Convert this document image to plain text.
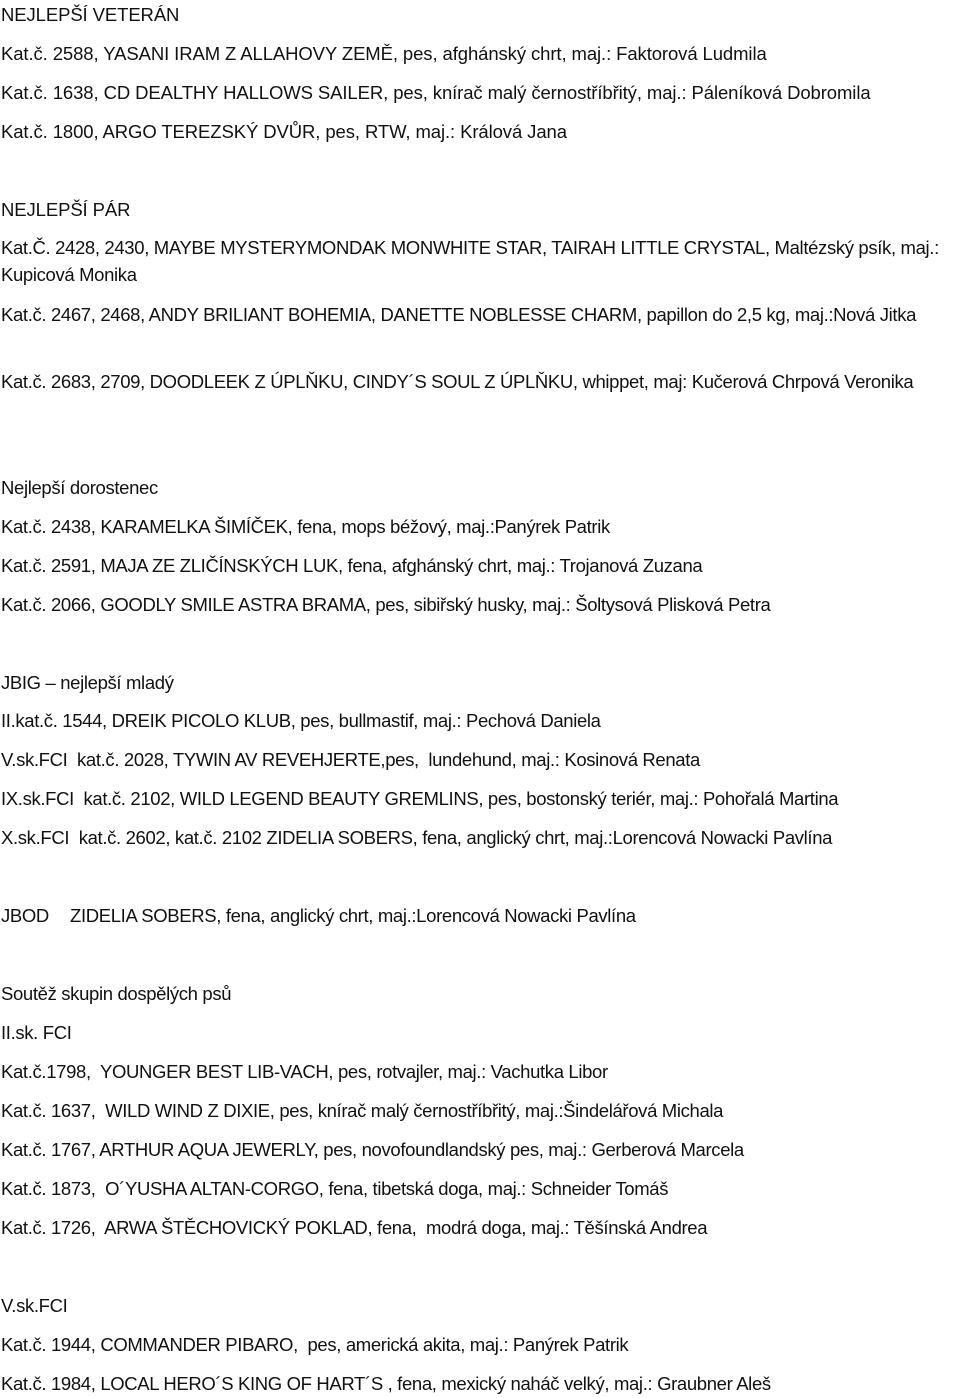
NEJLEPŠÍ VETERÁN

Kat.č. 2588, YASANI IRAM Z ALLAHOVY ZEMĚ, pes, afghánský chrt, maj.: Faktorová Ludmila

Kat.č. 1638, CD DEALTHY HALLOWS SAILER, pes, knírač malý černostříbřitý, maj.: Páleníková Dobromila

Kat.č. 1800, ARGO TEREZSKÝ DVŮR, pes, RTW, maj.: Králová Jana

NEJLEPŠÍ PÁR

Kat.Č. 2428, 2430, MAYBE MYSTERYMONDAK MONWHITE STAR, TAIRAH LITTLE CRYSTAL, Maltézský psík, maj.: Kupicová Monika

Kat.č. 2467, 2468, ANDY BRILIANT BOHEMIA, DANETTE NOBLESSE CHARM, papillon do 2,5 kg, maj.:Nová Jitka

Kat.č. 2683, 2709, DOODLEEK Z ÚPLŇKU, CINDY´S SOUL Z ÚPLŇKU, whippet, maj: Kučerová Chrpová Veronika

Nejlepší dorostenec

Kat.č. 2438, KARAMELKA ŠIMÍČEK, fena, mops béžový, maj.:Panýrek Patrik

Kat.č. 2591, MAJA ZE ZLIČÍNSKÝCH LUK, fena, afghánský chrt, maj.: Trojanová Zuzana

Kat.č. 2066, GOODLY SMILE ASTRA BRAMA, pes, sibiřský husky, maj.: Šoltysová Plisková Petra

JBIG – nejlepší mladý

II.kat.č. 1544, DREIK PICOLO KLUB, pes, bullmastif, maj.: Pechová Daniela

V.sk.FCI  kat.č. 2028, TYWIN AV REVEHJERTE,pes,  lundehund, maj.: Kosinová Renata

IX.sk.FCI  kat.č. 2102, WILD LEGEND BEAUTY GREMLINS, pes, bostonský teriér, maj.: Pohořalá Martina

X.sk.FCI  kat.č. 2602, kat.č. 2102 ZIDELIA SOBERS, fena, anglický chrt, maj.:Lorencová Nowacki Pavlína

JBOD ZIDELIA SOBERS, fena, anglický chrt, maj.:Lorencová Nowacki Pavlína

Soutěž skupin dospělých psů

II.sk. FCI

Kat.č.1798,  YOUNGER BEST LIB-VACH, pes, rotvajler, maj.: Vachutka Libor

Kat.č. 1637,  WILD WIND Z DIXIE, pes, knírač malý černostříbřitý, maj.:Šindelářová Michala

Kat.č. 1767, ARTHUR AQUA JEWERLY, pes, novofoundlandský pes, maj.: Gerberová Marcela

Kat.č. 1873,  O´YUSHA ALTAN-CORGO, fena, tibetská doga, maj.: Schneider Tomáš

Kat.č. 1726,  ARWA ŠTĚCHOVICKÝ POKLAD, fena,  modrá doga, maj.: Těšínská Andrea

V.sk.FCI

Kat.č. 1944, COMMANDER PIBARO,  pes, americká akita, maj.: Panýrek Patrik

Kat.č. 1984, LOCAL HERO´S KING OF HART´S , fena, mexický naháč velký, maj.: Graubner Aleš
